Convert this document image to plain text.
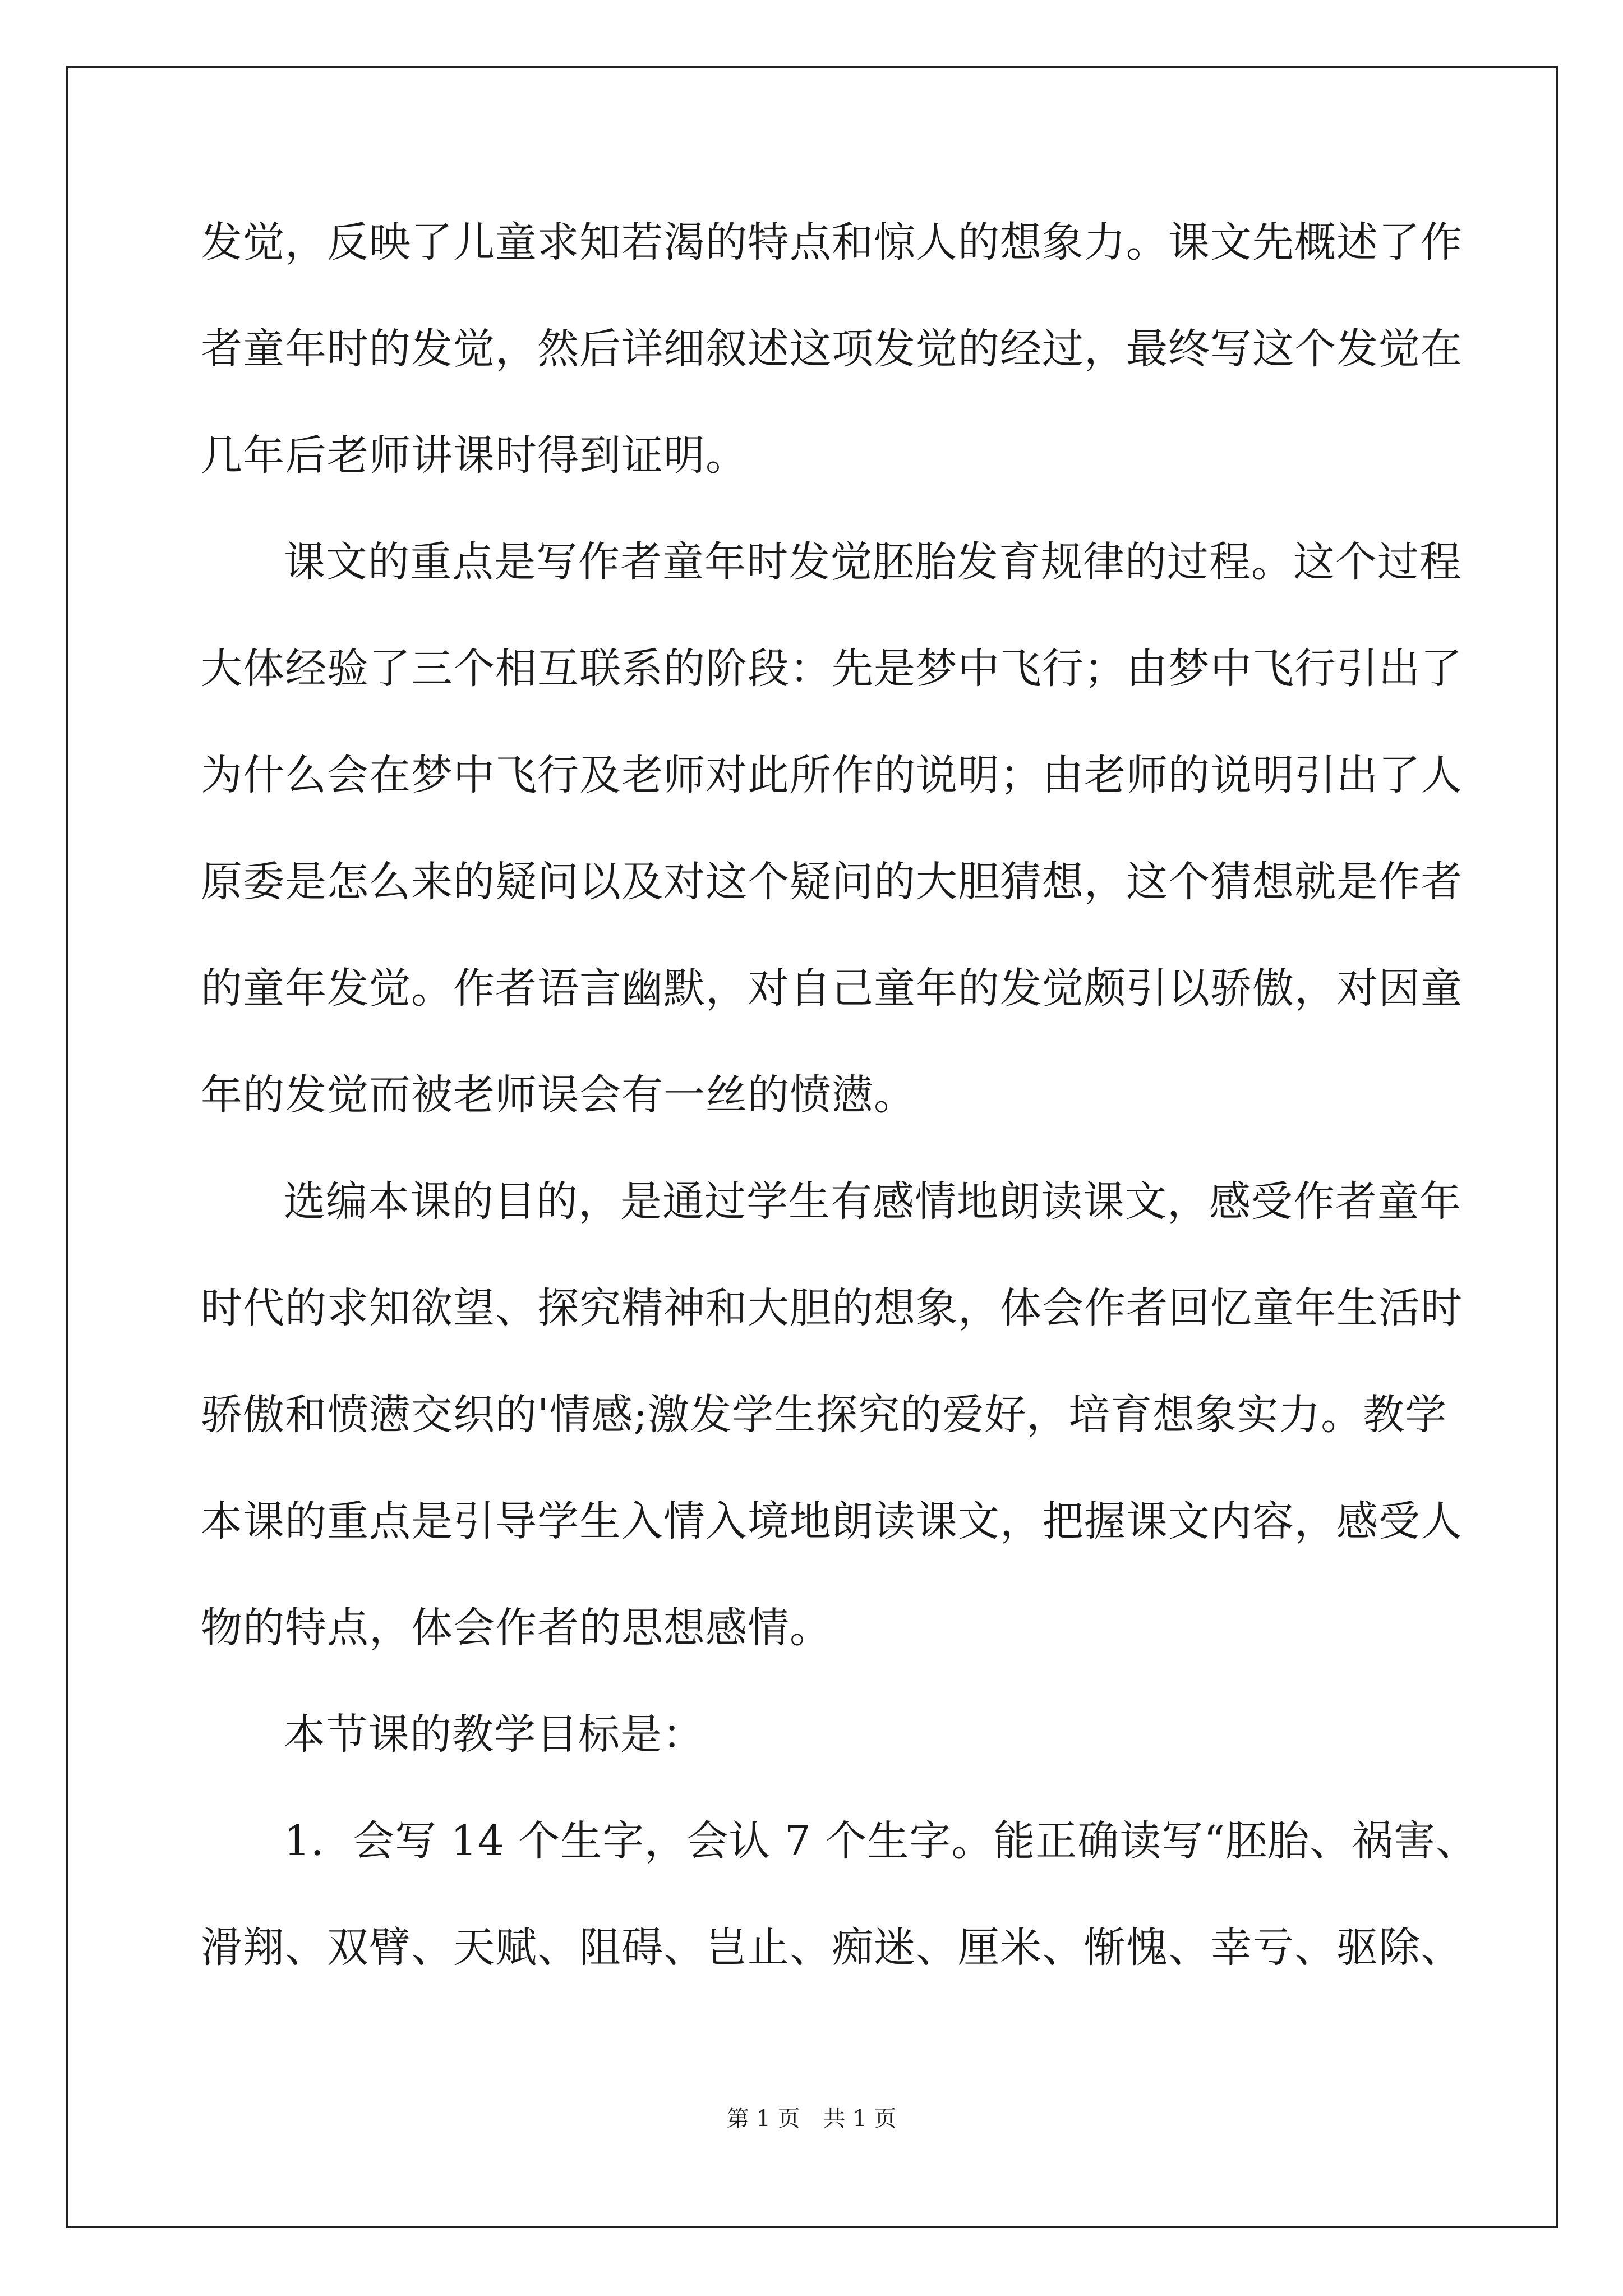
发觉，反映了儿童求知若渴的特点和惊人的想象力。课文先概述了作
者童年时的发觉，然后详细叙述这项发觉的经过，最终写这个发觉在
几年后老师讲课时得到证明。
课文的重点是写作者童年时发觉胚胎发育规律的过程。这个过程
大体经验了三个相互联系的阶段：先是梦中飞行；由梦中飞行引出了
为什么会在梦中飞行及老师对此所作的说明；由老师的说明引出了人
原委是怎么来的疑问以及对这个疑问的大胆猜想，这个猜想就是作者
的童年发觉。作者语言幽默，对自己童年的发觉颇引以骄傲，对因童
年的发觉而被老师误会有一丝的愤懑。
选编本课的目的，是通过学生有感情地朗读课文，感受作者童年
时代的求知欲望、探究精神和大胆的想象，体会作者回忆童年生活时
骄傲和愤懑交织的'情感;激发学生探究的爱好，培育想象实力。教学
本课的重点是引导学生入情入境地朗读课文，把握课文内容，感受人
物的特点，体会作者的思想感情。
本节课的教学目标是：
1．会写 14 个生字，会认 7 个生字。能正确读写“胚胎、祸害、
滑翔、双臂、天赋、阻碍、岂止、痴迷、厘米、惭愧、幸亏、驱除、
第 1 页 共 1 页
